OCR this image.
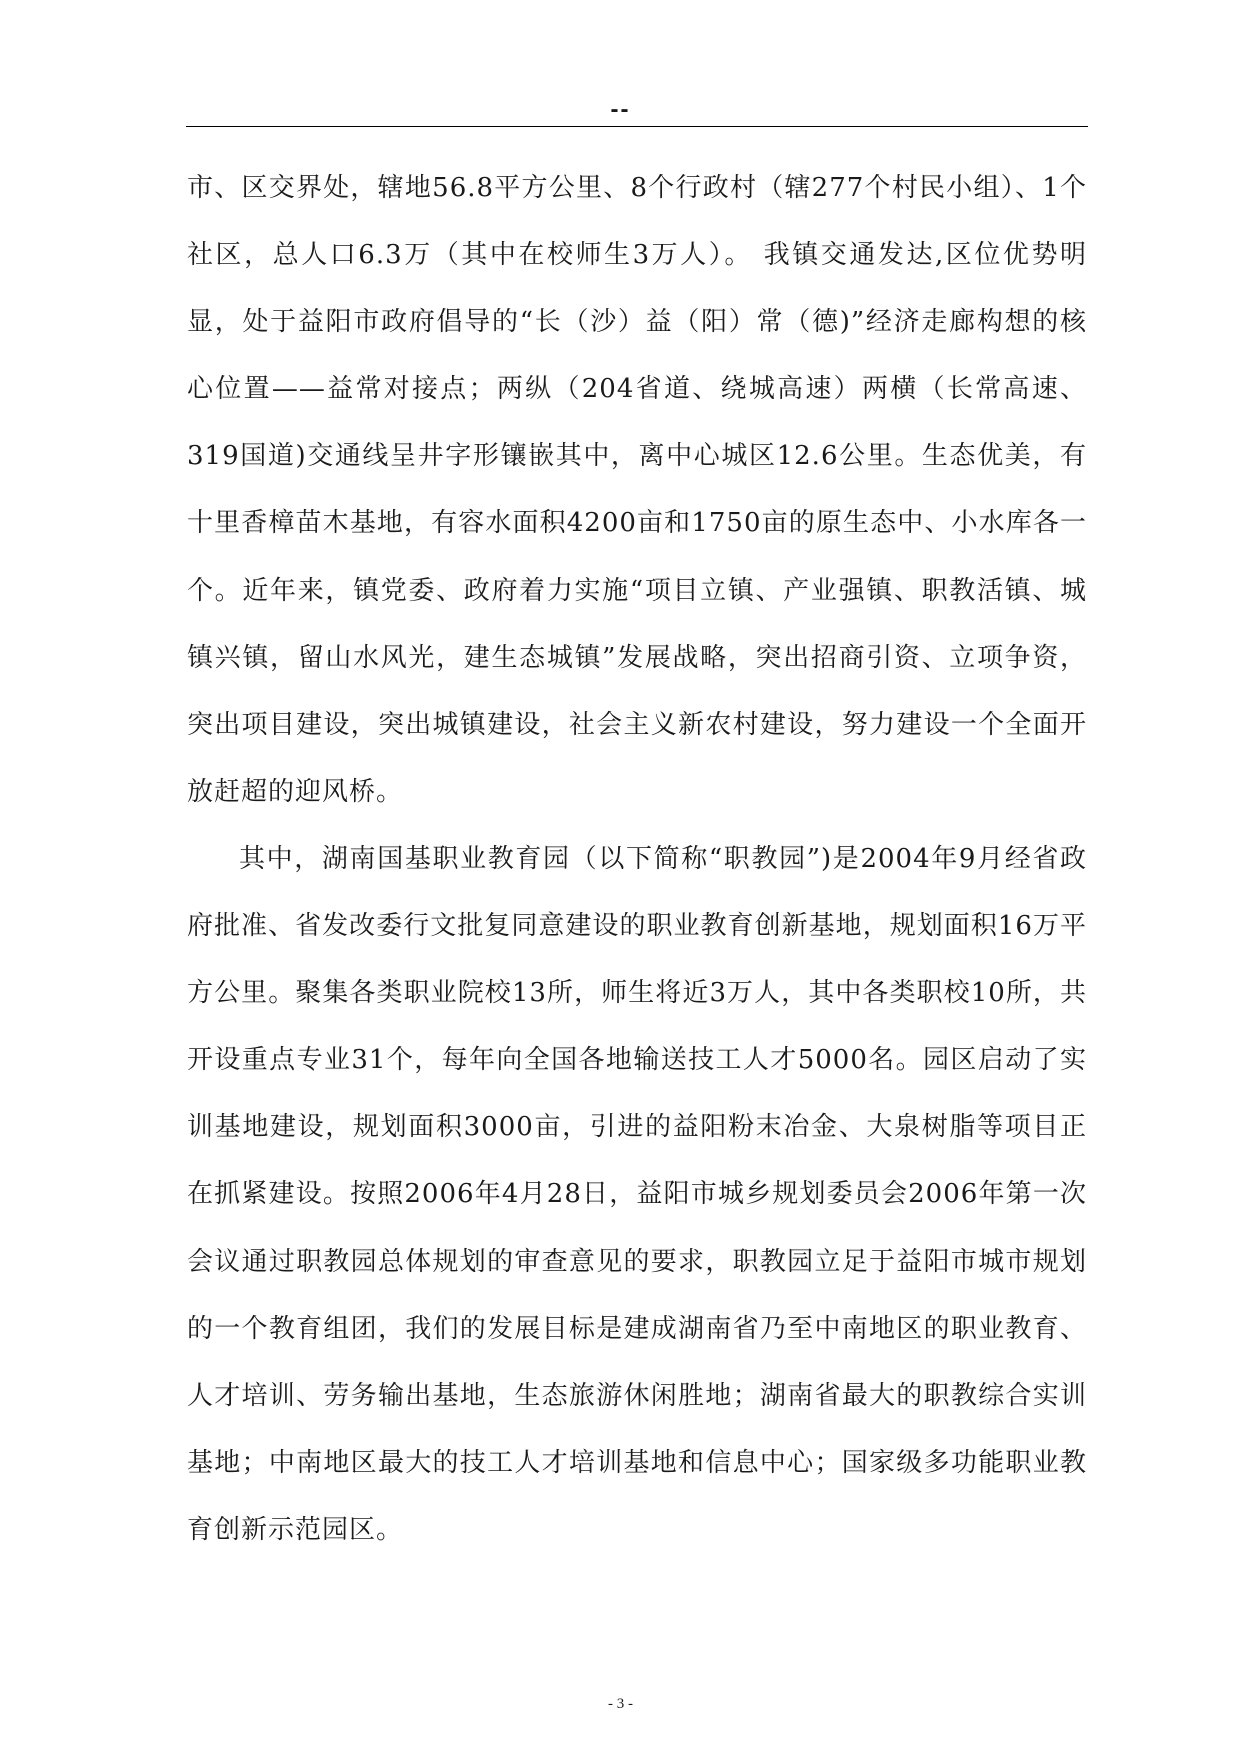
--

市、区交界处，辖地56.8平方公里、8个行政村（辖277个村民小组）、1个社区，总人口6.3万（其中在校师生3万人）。 我镇交通发达,区位优势明显，处于益阳市政府倡导的“长（沙）益（阳）常（德)”经济走廊构想的核心位置——益常对接点；两纵（204省道、绕城高速）两横（长常高速、319国道)交通线呈井字形镶嵌其中，离中心城区12.6公里。生态优美，有十里香樟苗木基地，有容水面积4200亩和1750亩的原生态中、小水库各一个。近年来，镇党委、政府着力实施“项目立镇、产业强镇、职教活镇、城镇兴镇，留山水风光，建生态城镇”发展战略，突出招商引资、立项争资，突出项目建设，突出城镇建设，社会主义新农村建设，努力建设一个全面开放赶超的迎风桥。

其中，湖南国基职业教育园（以下简称“职教园”)是2004年9月经省政府批准、省发改委行文批复同意建设的职业教育创新基地，规划面积16万平方公里。聚集各类职业院校13所，师生将近3万人，其中各类职校10所，共开设重点专业31个，每年向全国各地输送技工人才5000名。园区启动了实训基地建设，规划面积3000亩，引进的益阳粉末冶金、大泉树脂等项目正在抓紧建设。按照2006年4月28日，益阳市城乡规划委员会2006年第一次会议通过职教园总体规划的审查意见的要求，职教园立足于益阳市城市规划的一个教育组团，我们的发展目标是建成湖南省乃至中南地区的职业教育、人才培训、劳务输出基地，生态旅游休闲胜地；湖南省最大的职教综合实训基地；中南地区最大的技工人才培训基地和信息中心；国家级多功能职业教育创新示范园区。

- 3 -
